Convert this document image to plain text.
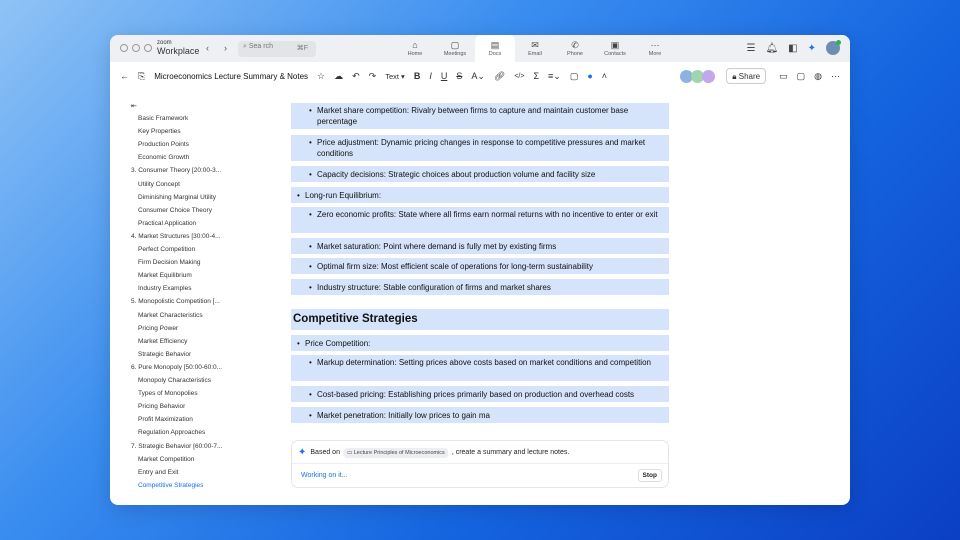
zoom
Workplace ‹ ›	⌕ Sea rch	⌘F	⌂
Home
▢
Meetings
▤
Docs
✉
Email
✆
Phone
▣
Contacts
···
More
☰ 🔔︎ ◧ ✦
← ⎘ Microeconomics Lecture Summary & Notes ☆ ☁ ↶ ↷ Text ▾ B I U S A⌄ 🔗︎ </> Σ ≡⌄ ▢ ● ˄	🔒︎ Share	▭ ▢ ◍ ···
⇤
Basic Framework
Key Properties
Production Points
Economic Growth
3. Consumer Theory [20:00-3...
Utility Concept
Diminishing Marginal Utility
Consumer Choice Theory
Practical Application
4. Market Structures [30:00-4...
Perfect Competition
Firm Decision Making
Market Equilibrium
Industry Examples
5. Monopolistic Competition [...
Market Characteristics
Pricing Power
Market Efficiency
Strategic Behavior
6. Pure Monopoly [50:00-60:0...
Monopoly Characteristics
Types of Monopolies
Pricing Behavior
Profit Maximization
Regulation Approaches
7. Strategic Behavior [60:00-7...
Market Competition
Entry and Exit
Competitive Strategies
• Market share competition: Rivalry between firms to capture and maintain customer base percentage
• Price adjustment: Dynamic pricing changes in response to competitive pressures and market conditions
• Capacity decisions: Strategic choices about production volume and facility size
• Long-run Equilibrium:
• Zero economic profits: State where all firms earn normal returns with no incentive to enter or exit
• Market saturation: Point where demand is fully met by existing firms
• Optimal firm size: Most efficient scale of operations for long-term sustainability
• Industry structure: Stable configuration of firms and market shares
Competitive Strategies
• Price Competition:
• Markup determination: Setting prices above costs based on market conditions and competition
• Cost-based pricing: Establishing prices primarily based on production and overhead costs
• Market penetration: Initially low prices to gain ma
✦ Based on	▭ Lecture Principles of Microeconomics	, create a summary and lecture notes.
Working on it...	Stop
